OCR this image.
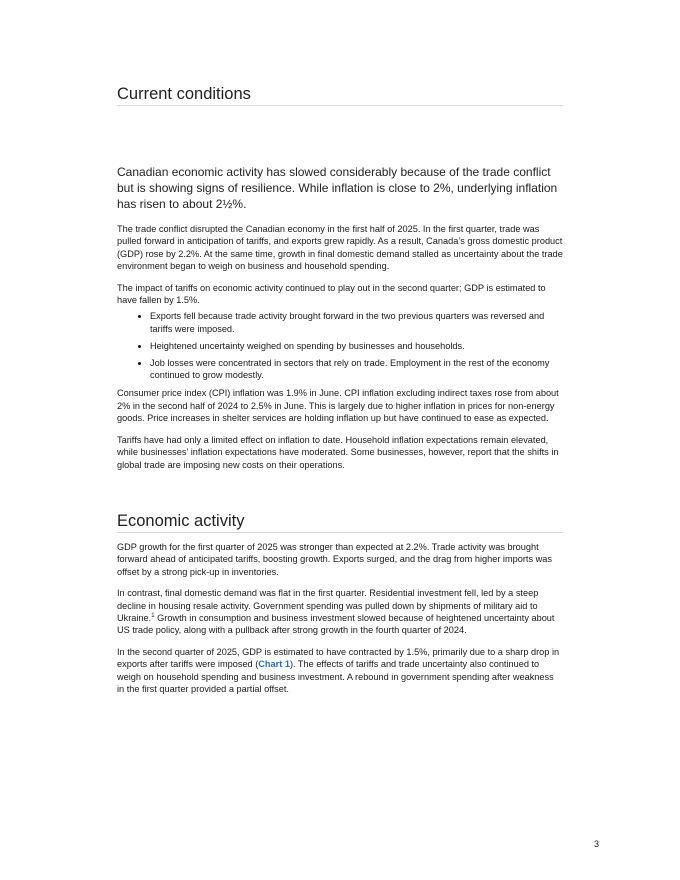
Current conditions

Canadian economic activity has slowed considerably because of the trade conflict but is showing signs of resilience. While inflation is close to 2%, underlying inflation has risen to about 2½%.

The trade conflict disrupted the Canadian economy in the first half of 2025. In the first quarter, trade was pulled forward in anticipation of tariffs, and exports grew rapidly. As a result, Canada’s gross domestic product (GDP) rose by 2.2%. At the same time, growth in final domestic demand stalled as uncertainty about the trade environment began to weigh on business and household spending.

The impact of tariffs on economic activity continued to play out in the second quarter; GDP is estimated to have fallen by 1.5%.

• Exports fell because trade activity brought forward in the two previous quarters was reversed and tariffs were imposed.
• Heightened uncertainty weighed on spending by businesses and households.
• Job losses were concentrated in sectors that rely on trade. Employment in the rest of the economy continued to grow modestly.

Consumer price index (CPI) inflation was 1.9% in June. CPI inflation excluding indirect taxes rose from about 2% in the second half of 2024 to 2.5% in June. This is largely due to higher inflation in prices for non-energy goods. Price increases in shelter services are holding inflation up but have continued to ease as expected.

Tariffs have had only a limited effect on inflation to date. Household inflation expectations remain elevated, while businesses' inflation expectations have moderated. Some businesses, however, report that the shifts in global trade are imposing new costs on their operations.

Economic activity

GDP growth for the first quarter of 2025 was stronger than expected at 2.2%. Trade activity was brought forward ahead of anticipated tariffs, boosting growth. Exports surged, and the drag from higher imports was offset by a strong pick-up in inventories.

In contrast, final domestic demand was flat in the first quarter. Residential investment fell, led by a steep decline in housing resale activity. Government spending was pulled down by shipments of military aid to Ukraine.$^1$ Growth in consumption and business investment slowed because of heightened uncertainty about US trade policy, along with a pullback after strong growth in the fourth quarter of 2024.

In the second quarter of 2025, GDP is estimated to have contracted by 1.5%, primarily due to a sharp drop in exports after tariffs were imposed (Chart 1). The effects of tariffs and trade uncertainty also continued to weigh on household spending and business investment. A rebound in government spending after weakness in the first quarter provided a partial offset.

3
